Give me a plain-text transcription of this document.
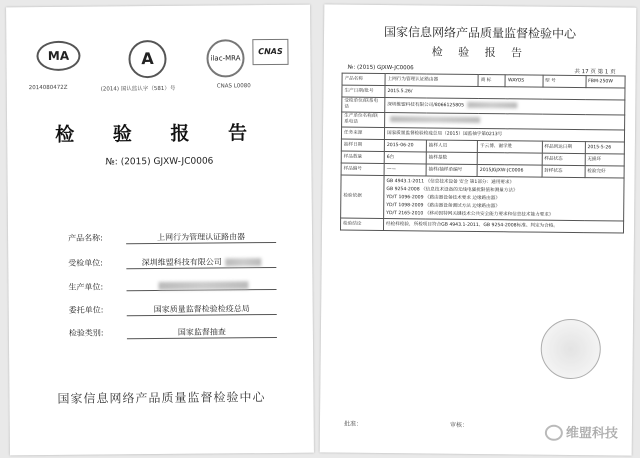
MA	A	ilac-MRA
CNAS
2014080472Z	(2014) 国认监认字（581）号	CNAS L0080
检 验 报 告
№: (2015) GJXW-JC0006
产品名称:	上网行为管理认证路由器
受检单位:	深圳维盟科技有限公司
生产单位:
委托单位:	国家质量监督检验检疫总局
检验类别:	国家监督抽查
国家信息网络产品质量监督检验中心
国家信息网络产品质量监督检验中心
检 验 报 告
№: (2015) GJXW-JC0006
共 17 页 第 1 页
产品名称	上网行为管理认证路由器		商 标	WAYOS	型 号	FBM-250W
生产日期/批号	2015.5.26/					
受检单位/联系电话	深圳维盟科技有限公司/8066125805					
生产单位名称/联系电话						
任务来源	国家质量监督检验检疫总局（2015）国监抽字第0213号					
抽样日期	2015-06-20	抽样人员	于云博、谢学胜		样品到达日期	2015-5-26
样品数量	6台	抽样基数			样品状态	无损坏
样品编号	——	抽样/抽样单编号	2015JGJXW-JC0006		封样状态	检验完好
检验依据	GB 4943.1-2011 《信息技术设备 安全 第1部分：通用要求》
GB 9254-2008 《信息技术设备的无线电骚扰限值和测量方法》
YD/T 1096-2009 《路由器设备技术要求 边缘路由器》
YD/T 1098-2009 《路由器设备测试方法 边缘路由器》
YD/T 2165-2010 《移动因特网关键技术公共安全能力要求和信息技术能力要求》					

检验结论	经检样检验，所检项目符合GB 4943.1-2011、GB 9254-2008标准。判定为合格。					
批准：	审核：
维盟科技
